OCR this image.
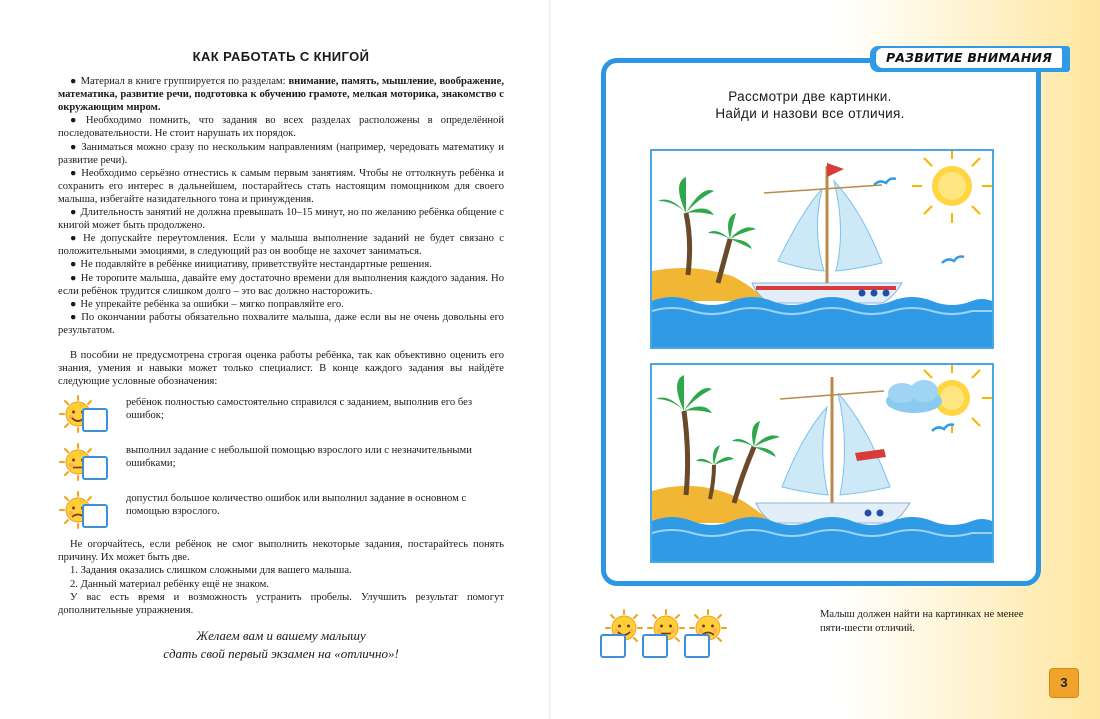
КАК РАБОТАТЬ С КНИГОЙ

● Материал в книге группируется по разделам: внимание, память, мышление, воображение, математика, развитие речи, подготовка к обучению грамоте, мелкая моторика, знакомство с окружающим миром.

● Необходимо помнить, что задания во всех разделах расположены в определённой последовательности. Не стоит нарушать их порядок.

● Заниматься можно сразу по нескольким направлениям (например, чередовать математику и развитие речи).

● Необходимо серьёзно отнестись к самым первым занятиям. Чтобы не оттолкнуть ребёнка и сохранить его интерес в дальнейшем, постарайтесь стать настоящим помощником для своего малыша, избегайте назидательного тона и принуждения.

● Длительность занятий не должна превышать 10–15 минут, но по желанию ребёнка общение с книгой может быть продолжено.

● Не допускайте переутомления. Если у малыша выполнение заданий не будет связано с положительными эмоциями, в следующий раз он вообще не захочет заниматься.

● Не подавляйте в ребёнке инициативу, приветствуйте нестандартные решения.

● Не торопите малыша, давайте ему достаточно времени для выполнения каждого задания. Но если ребёнок трудится слишком долго – это вас должно насторожить.

● Не упрекайте ребёнка за ошибки – мягко поправляйте его.

● По окончании работы обязательно похвалите малыша, даже если вы не очень довольны его результатом.

В пособии не предусмотрена строгая оценка работы ребёнка, так как объективно оценить его знания, умения и навыки может только специалист. В конце каждого задания вы найдёте следующие условные обозначения:

ребёнок полностью самостоятельно справился с заданием, выполнив его без ошибок;
выполнил задание с небольшой помощью взрослого или с незначительными ошибками;
допустил большое количество ошибок или выполнил задание в основном с помощью взрослого.

Не огорчайтесь, если ребёнок не смог выполнить некоторые задания, постарайтесь понять причину. Их может быть две.

1. Задания оказались слишком сложными для вашего малыша.

2. Данный материал ребёнку ещё не знаком.

У вас есть время и возможность устранить пробелы. Улучшить результат помогут дополнительные упражнения.

Желаем вам и вашему малышу
сдать свой первый экзамен на «отлично»!
РАЗВИТИЕ ВНИМАНИЯ
Рассмотри две картинки.
Найди и назови все отличия.
Малыш должен найти на картинках не менее пяти-шести отличий.
3
